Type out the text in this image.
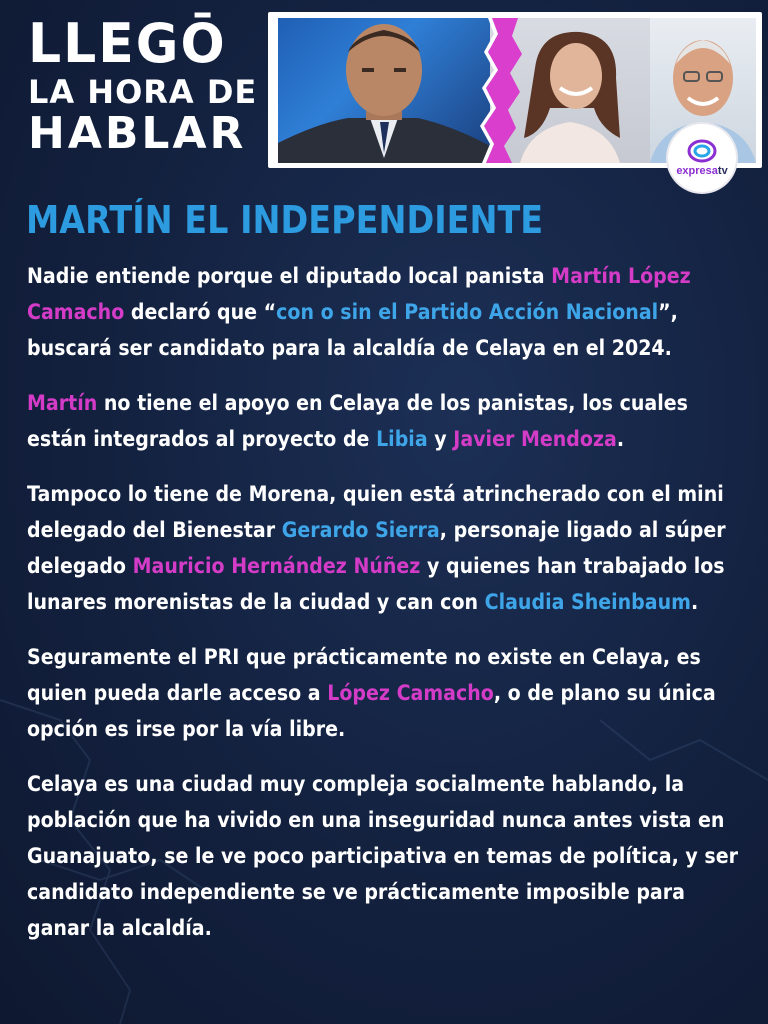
LLEGŌ
LA HORA DE
HABLAR
expresatv
MARTÍN EL INDEPENDIENTE

Nadie entiende porque el diputado local panista Martín López Camacho declaró que “con o sin el Partido Acción Nacional”, buscará ser candidato para la alcaldía de Celaya en el 2024.

Martín no tiene el apoyo en Celaya de los panistas, los cuales están integrados al proyecto de Libia y Javier Mendoza.

Tampoco lo tiene de Morena, quien está atrincherado con el mini delegado del Bienestar Gerardo Sierra, personaje ligado al súper delegado Mauricio Hernández Núñez y quienes han trabajado los lunares morenistas de la ciudad y can con Claudia Sheinbaum.

Seguramente el PRI que prácticamente no existe en Celaya, es quien pueda darle acceso a López Camacho, o de plano su única opción es irse por la vía libre.

Celaya es una ciudad muy compleja socialmente hablando, la población que ha vivido en una inseguridad nunca antes vista en Guanajuato, se le ve poco participativa en temas de política, y ser candidato independiente se ve prácticamente imposible para ganar la alcaldía.
